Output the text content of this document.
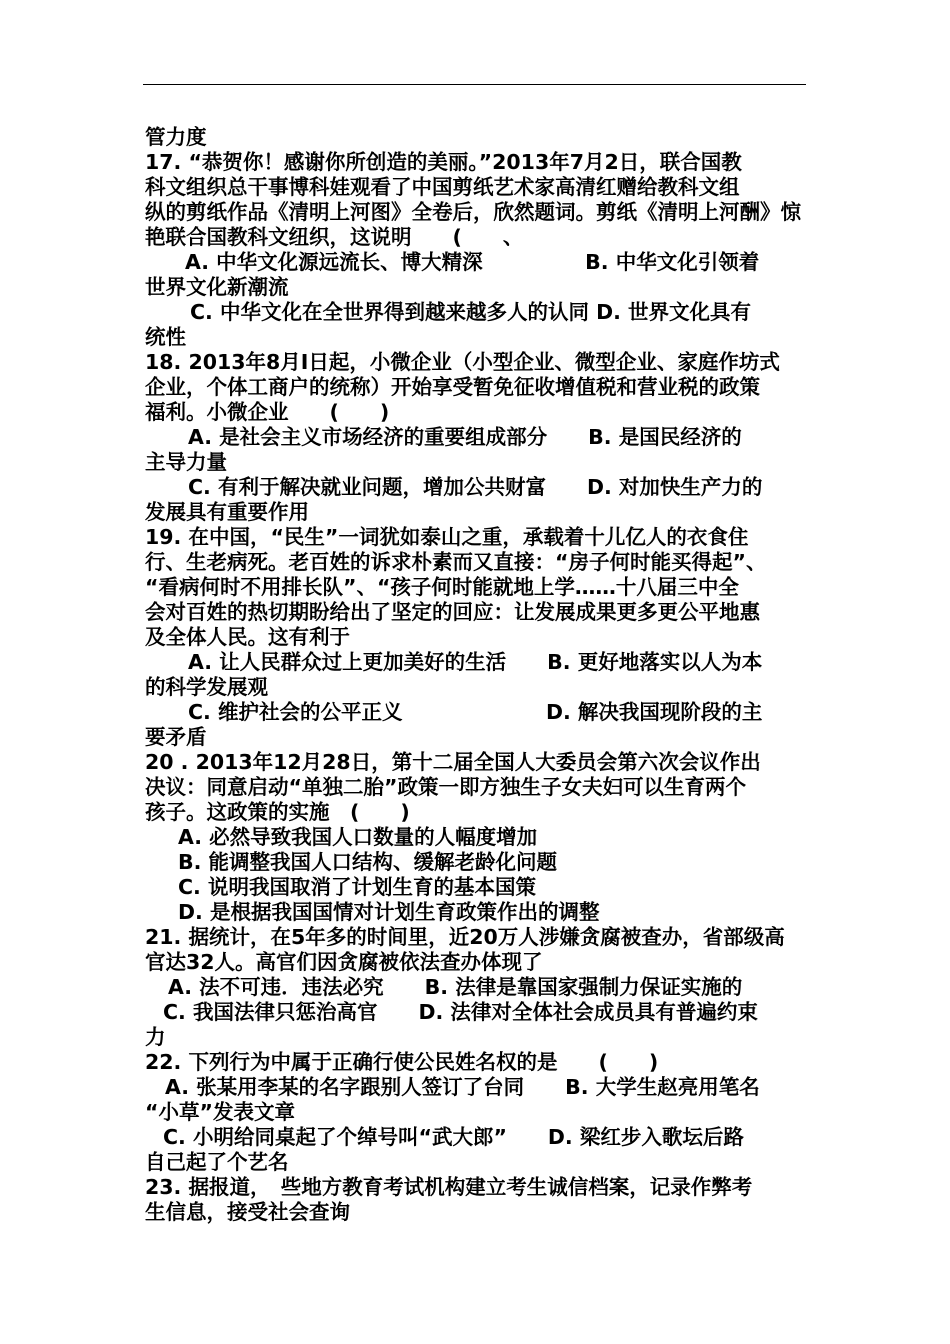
管力度
17. “恭贺你！感谢你所创造的美丽。”2013年7月2日，联合国教
科文组织总干事博科娃观看了中国剪纸艺术家高清红赠给教科文组
纵的剪纸作品《清明上河图》全卷后，欣然题词。剪纸《清明上河酬》惊
艳联合国教科文纽织，这说明　　(　　、
A. 中华文化源远流长、博大精深　　　　　B. 中华文化引领着
世界文化新潮流
C. 中华文化在全世界得到越来越多人的认同 D. 世界文化具有
统性
18. 2013年8月Ⅰ日起，小微企业（小型企业、微型企业、家庭作坊式
企业，个体工商户的统称）开始享受暂免征收增值税和营业税的政策
福利。小微企业　　(　　)
A. 是社会主义市场经济的重要组成部分　　B. 是国民经济的
主导力量
C. 有利于解决就业问题，增加公共财富　　D. 对加快生产力的
发展具有重要作用
19. 在中国，“民生”一词犹如泰山之重，承载着十儿亿人的衣食住
行、生老病死。老百姓的诉求朴素而又直接：“房子何时能买得起”、
“看病何时不用排长队”、“孩子何时能就地上学……十八届三中全
会对百姓的热切期盼给出了坚定的回应：让发展成果更多更公平地惠
及全体人民。这有利于
A. 让人民群众过上更加美好的生活　　B. 更好地落实以人为本
的科学发展观
C. 维护社会的公平正义　　　　　　　D. 解决我国现阶段的主
要矛盾
20 . 2013年12月28日，第十二届全国人大委员会第六次会议作出
决议：同意启动“单独二胎”政策一即方独生子女夫妇可以生育两个
孩子。这政策的实施　(　　)
A. 必然导致我国人口数量的人幅度增加
B. 能调整我国人口结构、缓解老龄化问题
C. 说明我国取消了计划生育的基本国策
D. 是根据我国国情对计划生育政策作出的调整
21. 据统计，在5年多的时间里，近20万人涉嫌贪腐被查办，省部级高
官达32人。高官们因贪腐被依法查办体现了
A. 法不可违．违法必究　　B. 法律是靠国家强制力保证实施的
C. 我国法律只惩治高官　　D. 法律对全体社会成员具有普遍约束
力
22. 下列行为中属于正确行使公民姓名权的是　　(　　)
A. 张某用李某的名字跟别人签订了台同　　B. 大学生赵亮用笔名
“小草”发表文章
C. 小明给同桌起了个绰号叫“武大郎”　　D. 梁红步入歌坛后路
自己起了个艺名
23. 据报道，　些地方教育考试机构建立考生诚信档案，记录作弊考
生信息，接受社会查询
